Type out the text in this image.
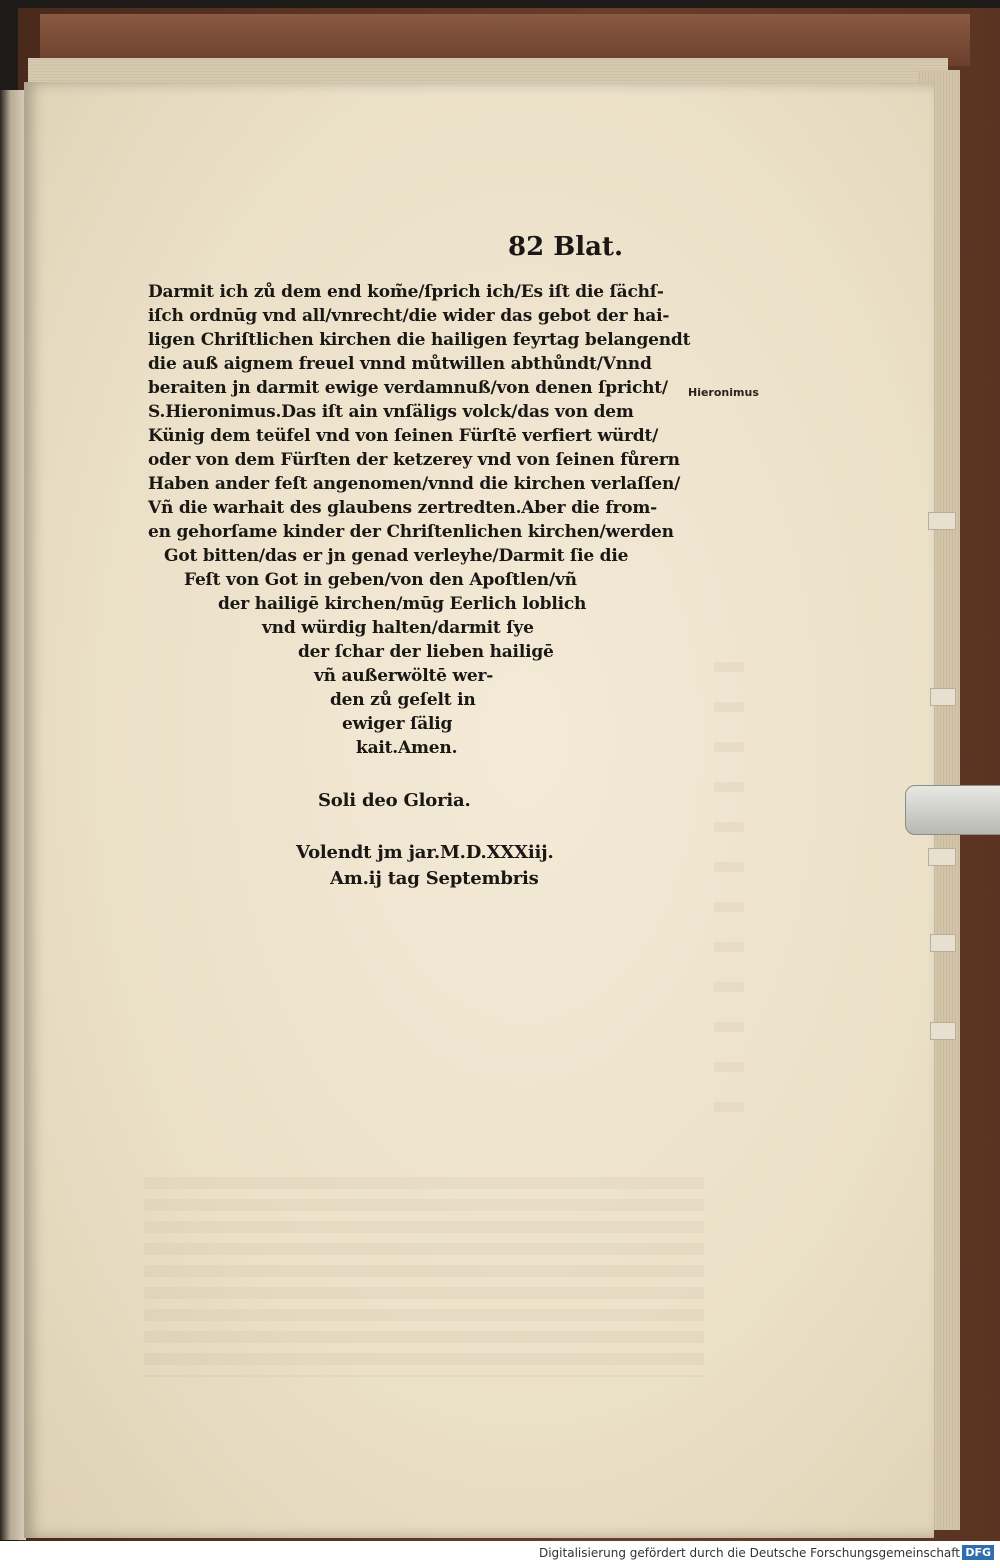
82 Blat.
Hieronimus
Darmit ich zů dem end kom̃e/ſprich ich/Es iſt die ſächſ-
iſch ordnūg vnd all/vnrecht/die wider das gebot der hai-
ligen Chriſtlichen kirchen die hailigen feyrtag belangendt
die auß aignem freuel vnnd můtwillen abthůndt/Vnnd
beraiten jn darmit ewige verdamnuß/von denen ſpricht/
S.Hieronimus.Das iſt ain vnſäligs volck/das von dem
Künig dem teüfel vnd von ſeinen Fürſtē verfiert würdt/
oder von dem Fürſten der ketzerey vnd von ſeinen fůrern
Haben ander feſt angenomen/vnnd die kirchen verlaſſen/
Vñ die warhait des glaubens zertredten.Aber die from-
en gehorſame kinder der Chriſtenlichen kirchen/werden
Got bitten/das er jn genad verleyhe/Darmit ſie die
Feſt von Got in geben/von den Apoſtlen/vñ
der hailigē kirchen/mūg Eerlich loblich
vnd würdig halten/darmit ſye
der ſchar der lieben hailigē
vñ außerwöltē wer-
den zů geſelt in
ewiger ſälig
kait.Amen.
Soli deo Gloria.
Volendt jm jar.M.D.XXXiij.
Am.ij tag Septembris
Digitalisierung gefördert durch die Deutsche Forschungsgemeinschaft DFG
